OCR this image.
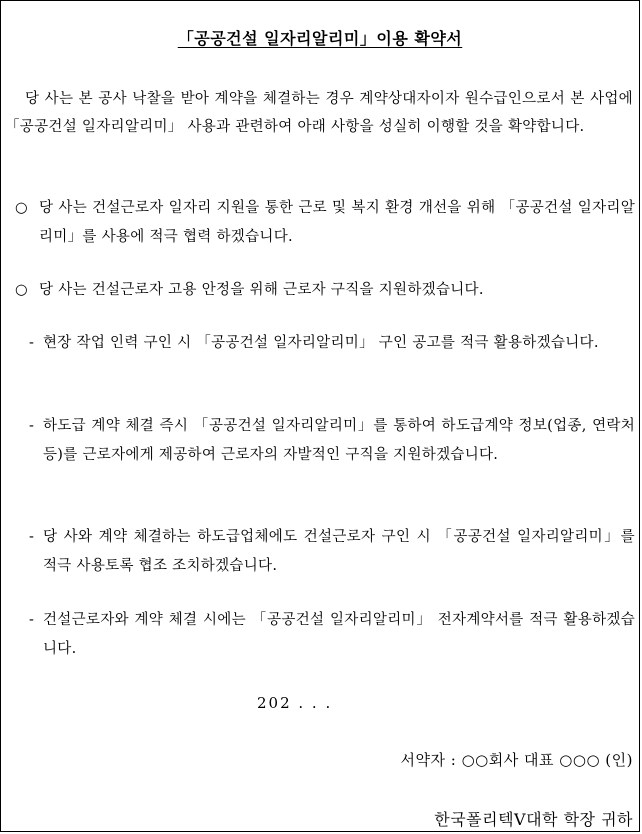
「공공건설 일자리알리미」이용 확약서
당 사는 본 공사 낙찰을 받아 계약을 체결하는 경우 계약상대자이자 원수급인으로서 본 사업에 「공공건설 일자리알리미」 사용과 관련하여 아래 사항을 성실히 이행할 것을 확약합니다.
○ 당 사는 건설근로자 일자리 지원을 통한 근로 및 복지 환경 개선을 위해 「공공건설 일자리알리미」를 사용에 적극 협력 하겠습니다.
○ 당 사는 건설근로자 고용 안정을 위해 근로자 구직을 지원하겠습니다.
- 현장 작업 인력 구인 시 「공공건설 일자리알리미」 구인 공고를 적극 활용하겠습니다.
- 하도급 계약 체결 즉시 「공공건설 일자리알리미」를 통하여 하도급계약 정보(업종, 연락처 등)를 근로자에게 제공하여 근로자의 자발적인 구직을 지원하겠습니다.
- 당 사와 계약 체결하는 하도급업체에도 건설근로자 구인 시 「공공건설 일자리알리미」를 적극 사용토록 협조 조치하겠습니다.
- 건설근로자와 계약 체결 시에는 「공공건설 일자리알리미」 전자계약서를 적극 활용하겠습니다.
202 . . .
서약자 : ○○회사 대표 ○○○ (인)
한국폴리텍V대학 학장 귀하
